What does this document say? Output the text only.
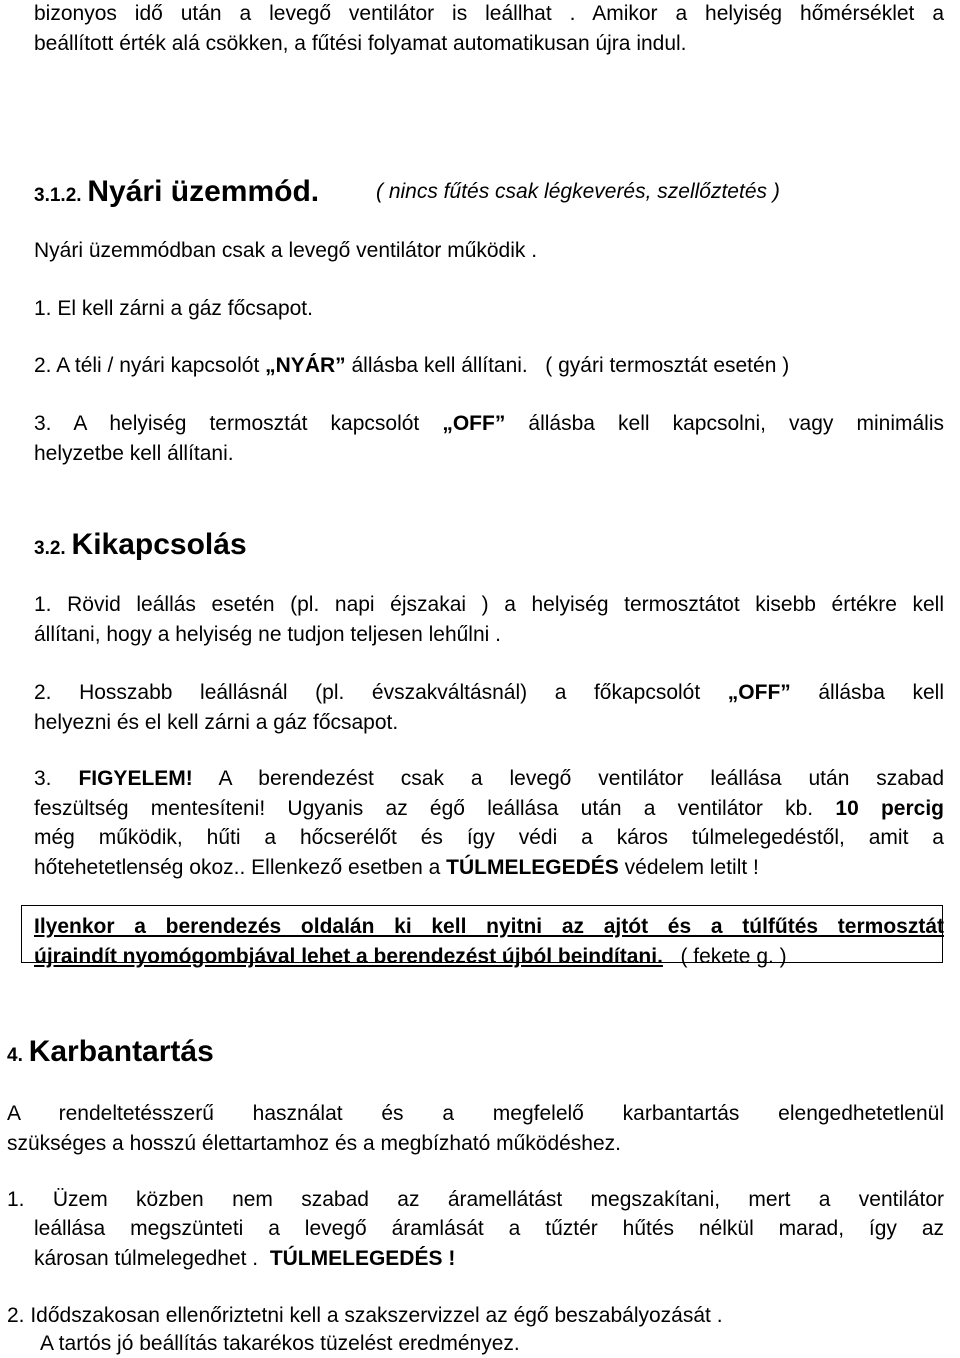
bizonyos idő után a levegő ventilátor is leállhat . Amikor a helyiség hőmérséklet a
beállított érték alá csökken, a fűtési folyamat automatikusan újra indul.
3.1.2. Nyári üzemmód.	( nincs fűtés csak légkeverés, szellőztetés )
Nyári üzemmódban csak a levegő ventilátor működik .
1. El kell zárni a gáz főcsapot.
2. A téli / nyári kapcsolót „NYÁR” állásba kell állítani. ( gyári termosztát esetén )
3. A helyiség termosztát kapcsolót „OFF” állásba kell kapcsolni, vagy minimális
helyzetbe kell állítani.
3.2. Kikapcsolás
1. Rövid leállás esetén (pl. napi éjszakai ) a helyiség termosztátot kisebb értékre kell
állítani, hogy a helyiség ne tudjon teljesen lehűlni .
2. Hosszabb leállásnál (pl. évszakváltásnál) a főkapcsolót „OFF” állásba kell
helyezni és el kell zárni a gáz főcsapot.
3. FIGYELEM! A berendezést csak a levegő ventilátor leállása után szabad
feszültség mentesíteni! Ugyanis az égő leállása után a ventilátor kb. 10 percig
még működik, hűti a hőcserélőt és így védi a káros túlmelegedéstől, amit a
hőtehetetlenség okoz.. Ellenkező esetben a TÚLMELEGEDÉS védelem letilt !
Ilyenkor a berendezés oldalán ki kell nyitni az ajtót és a túlfűtés termosztát
újraindít nyomógombjával lehet a berendezést újból beindítani. ( fekete g. )
4. Karbantartás
A rendeltetésszerű használat és a megfelelő karbantartás elengedhetetlenül
szükséges a hosszú élettartamhoz és a megbízható működéshez.
1. Üzem közben nem szabad az áramellátást megszakítani, mert a ventilátor
leállása megszünteti a levegő áramlását a tűztér hűtés nélkül marad, így az
károsan túlmelegedhet . TÚLMELEGEDÉS !
2. Idődszakosan ellenőriztetni kell a szakszervizzel az égő beszabályozását .
A tartós jó beállítás takarékos tüzelést eredményez.
